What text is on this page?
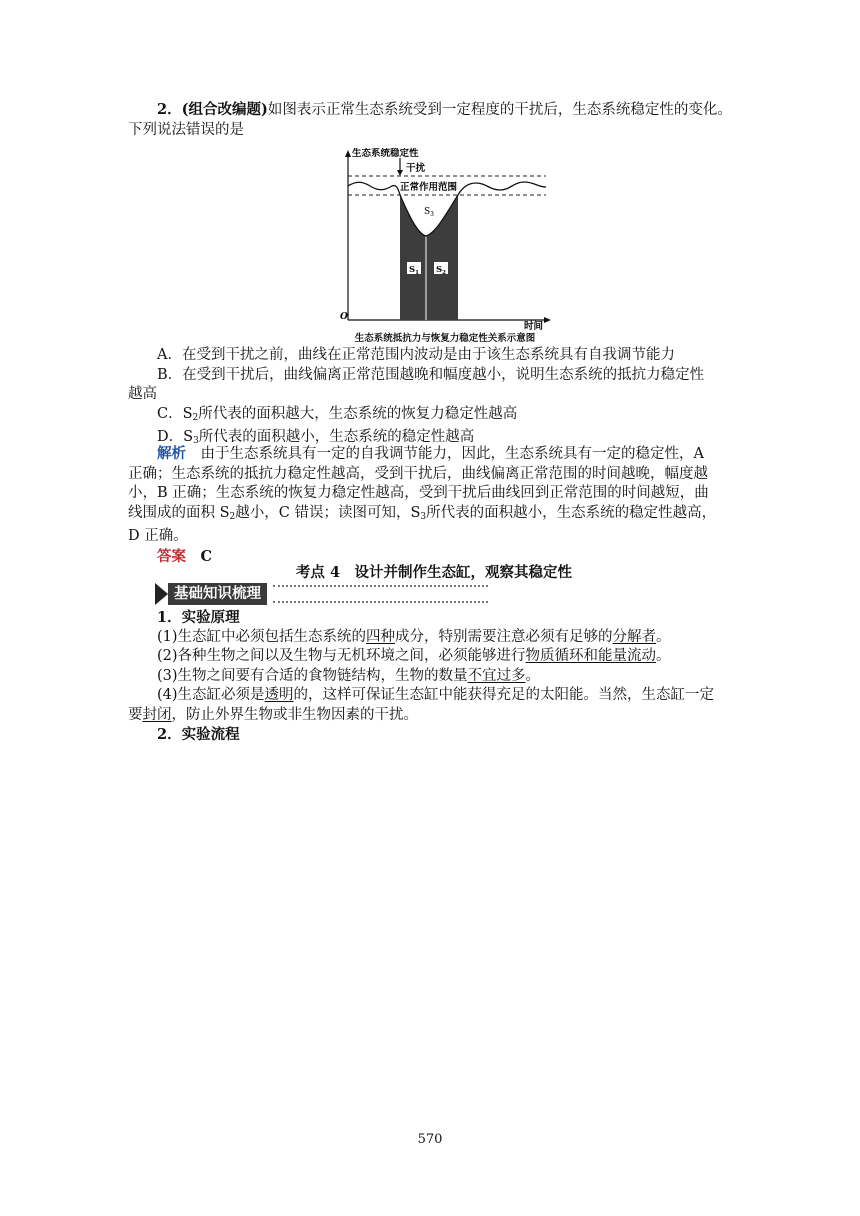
2．(组合改编题)如图表示正常生态系统受到一定程度的干扰后，生态系统稳定性的变化。

下列说法错误的是

生态系统稳定性
干扰
正常作用范围
$S_3$
$S_1$ $S_2$
O
时间
生态系统抵抗力与恢复力稳定性关系示意图

A．在受到干扰之前，曲线在正常范围内波动是由于该生态系统具有自我调节能力

B．在受到干扰后，曲线偏离正常范围越晚和幅度越小，说明生态系统的抵抗力稳定性

越高

C．$S_2$所代表的面积越大，生态系统的恢复力稳定性越高

D．$S_3$所代表的面积越小，生态系统的稳定性越高

解析　 由于生态系统具有一定的自我调节能力，因此，生态系统具有一定的稳定性，A

正确；生态系统的抵抗力稳定性越高，受到干扰后，曲线偏离正常范围的时间越晚，幅度越

小，B 正确；生态系统的恢复力稳定性越高，受到干扰后曲线回到正常范围的时间越短，曲

线围成的面积 $S_2$越小，C 错误；读图可知，$S_3$所代表的面积越小，生态系统的稳定性越高，

D 正确。

答案　 C

考点 4　设计并制作生态缸，观察其稳定性

基础知识梳理

1．实验原理

(1)生态缸中必须包括生态系统的四种成分，特别需要注意必须有足够的分解者。

(2)各种生物之间以及生物与无机环境之间，必须能够进行物质循环和能量流动。

(3)生物之间要有合适的食物链结构，生物的数量不宜过多。

(4)生态缸必须是透明的，这样可保证生态缸中能获得充足的太阳能。当然，生态缸一定

要封闭，防止外界生物或非生物因素的干扰。

2．实验流程

570
